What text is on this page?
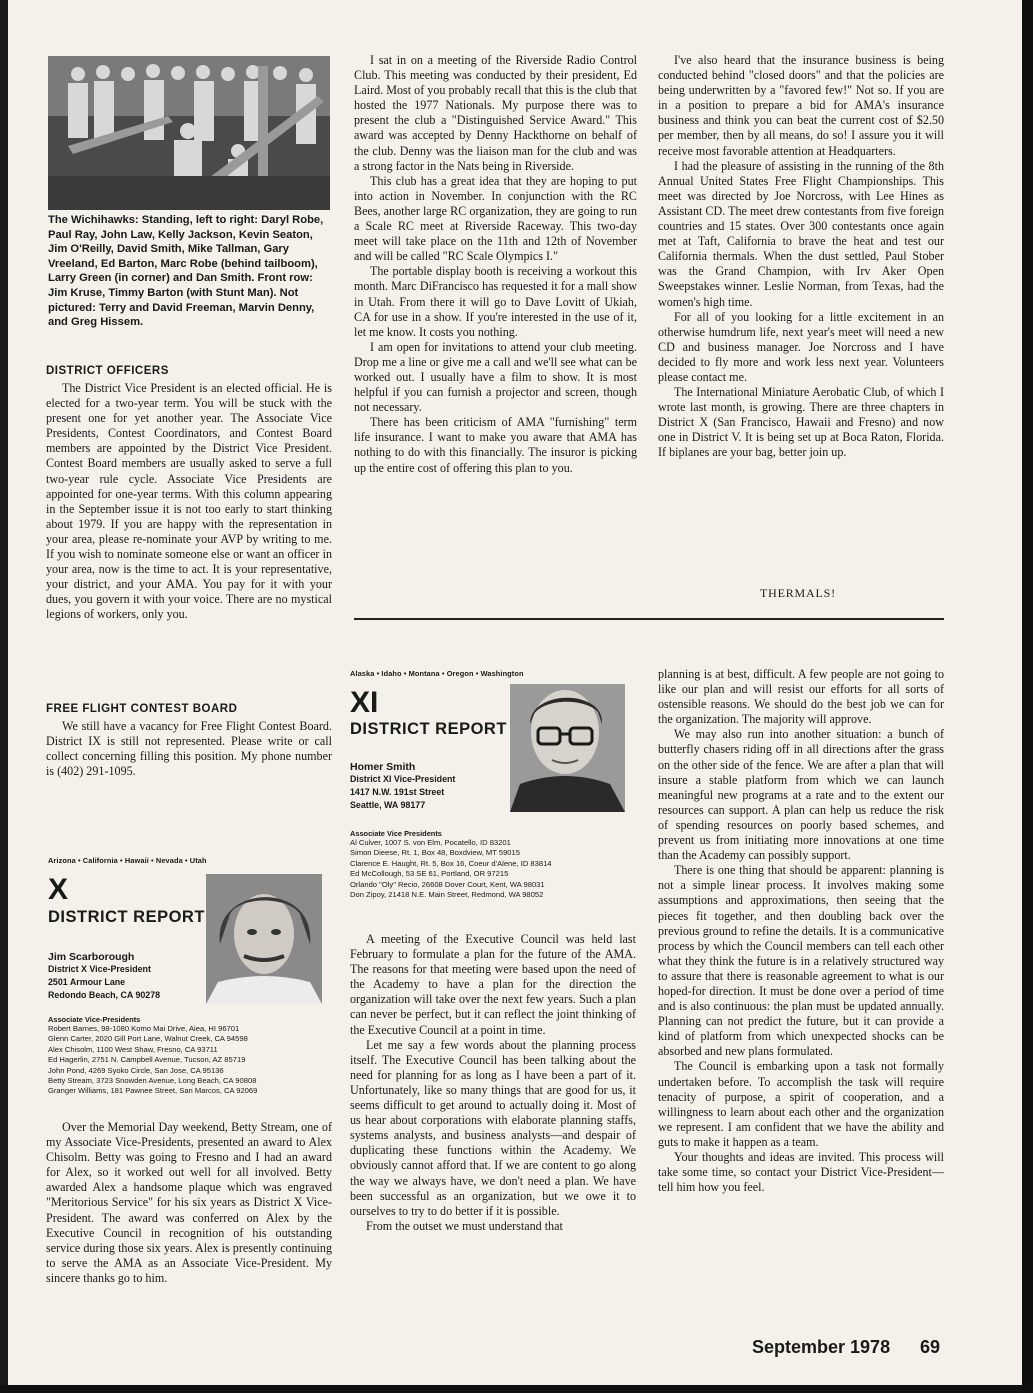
The Wichihawks: Standing, left to right: Daryl Robe, Paul Ray, John Law, Kelly Jackson, Kevin Seaton, Jim O'Reilly, David Smith, Mike Tallman, Gary Vreeland, Ed Barton, Marc Robe (behind tailboom), Larry Green (in corner) and Dan Smith. Front row: Jim Kruse, Timmy Barton (with Stunt Man). Not pictured: Terry and David Freeman, Marvin Denny, and Greg Hissem.

DISTRICT OFFICERS

The District Vice President is an elected official. He is elected for a two-year term. You will be stuck with the present one for yet another year. The Associate Vice Presidents, Contest Coordinators, and Contest Board members are appointed by the District Vice President. Contest Board members are usually asked to serve a full two-year rule cycle. Associate Vice Presidents are appointed for one-year terms. With this column appearing in the September issue it is not too early to start thinking about 1979. If you are happy with the representation in your area, please re-nominate your AVP by writing to me. If you wish to nominate someone else or want an officer in your area, now is the time to act. It is your representative, your district, and your AMA. You pay for it with your dues, you govern it with your voice. There are no mystical legions of workers, only you.

FREE FLIGHT CONTEST BOARD

We still have a vacancy for Free Flight Contest Board. District IX is still not represented. Please write or call collect concerning filling this position. My phone number is (402) 291-1095.

I sat in on a meeting of the Riverside Radio Control Club. This meeting was conducted by their president, Ed Laird. Most of you probably recall that this is the club that hosted the 1977 Nationals. My purpose there was to present the club a "Distinguished Service Award." This award was accepted by Denny Hackthorne on behalf of the club. Denny was the liaison man for the club and was a strong factor in the Nats being in Riverside.

This club has a great idea that they are hoping to put into action in November. In conjunction with the RC Bees, another large RC organization, they are going to run a Scale RC meet at Riverside Raceway. This two-day meet will take place on the 11th and 12th of November and will be called "RC Scale Olympics I."

The portable display booth is receiving a workout this month. Marc DiFrancisco has requested it for a mall show in Utah. From there it will go to Dave Lovitt of Ukiah, CA for use in a show. If you're interested in the use of it, let me know. It costs you nothing.

I am open for invitations to attend your club meeting. Drop me a line or give me a call and we'll see what can be worked out. I usually have a film to show. It is most helpful if you can furnish a projector and screen, though not necessary.

There has been criticism of AMA "furnishing" term life insurance. I want to make you aware that AMA has nothing to do with this financially. The insuror is picking up the entire cost of offering this plan to you.

I've also heard that the insurance business is being conducted behind "closed doors" and that the policies are being underwritten by a "favored few!" Not so. If you are in a position to prepare a bid for AMA's insurance business and think you can beat the current cost of $2.50 per member, then by all means, do so! I assure you it will receive most favorable attention at Headquarters.

I had the pleasure of assisting in the running of the 8th Annual United States Free Flight Championships. This meet was directed by Joe Norcross, with Lee Hines as Assistant CD. The meet drew contestants from five foreign countries and 15 states. Over 300 contestants once again met at Taft, California to brave the heat and test our California thermals. When the dust settled, Paul Stober was the Grand Champion, with Irv Aker Open Sweepstakes winner. Leslie Norman, from Texas, had the women's high time.

For all of you looking for a little excitement in an otherwise humdrum life, next year's meet will need a new CD and business manager. Joe Norcross and I have decided to fly more and work less next year. Volunteers please contact me.

The International Miniature Aerobatic Club, of which I wrote last month, is growing. There are three chapters in District X (San Francisco, Hawaii and Fresno) and now one in District V. It is being set up at Boca Raton, Florida. If biplanes are your bag, better join up.

THERMALS!
Alaska • Idaho • Montana • Oregon • Washington
XI
DISTRICT REPORT
Homer Smith
District XI Vice-President
1417 N.W. 191st Street
Seattle, WA 98177
Associate Vice Presidents
Al Culver, 1007 S. von Elm, Pocatello, ID 83201
Simon Dieese, Rt. 1, Box 48, Boxdview, MT 59015
Clarence E. Haught, Rt. 5, Box 16, Coeur d'Alene, ID 83814
Ed McCollough, 53 SE 61, Portland, OR 97215
Orlando "Oly" Recio, 26608 Dover Court, Kent, WA 98031
Don Zipoy, 21418 N.E. Main Street, Redmond, WA 98052

A meeting of the Executive Council was held last February to formulate a plan for the future of the AMA. The reasons for that meeting were based upon the need of the Academy to have a plan for the direction the organization will take over the next few years. Such a plan can never be perfect, but it can reflect the joint thinking of the Executive Council at a point in time.

Let me say a few words about the planning process itself. The Executive Council has been talking about the need for planning for as long as I have been a part of it. Unfortunately, like so many things that are good for us, it seems difficult to get around to actually doing it. Most of us hear about corporations with elaborate planning staffs, systems analysts, and business analysts—and despair of duplicating these functions within the Academy. We obviously cannot afford that. If we are content to go along the way we always have, we don't need a plan. We have been successful as an organization, but we owe it to ourselves to try to do better if it is possible.

From the outset we must understand that

planning is at best, difficult. A few people are not going to like our plan and will resist our efforts for all sorts of ostensible reasons. We should do the best job we can for the organization. The majority will approve.

We may also run into another situation: a bunch of butterfly chasers riding off in all directions after the grass on the other side of the fence. We are after a plan that will insure a stable platform from which we can launch meaningful new programs at a rate and to the extent our resources can support. A plan can help us reduce the risk of spending resources on poorly based schemes, and prevent us from initiating more innovations at one time than the Academy can possibly support.

There is one thing that should be apparent: planning is not a simple linear process. It involves making some assumptions and approximations, then seeing that the pieces fit together, and then doubling back over the previous ground to refine the details. It is a communicative process by which the Council members can tell each other what they think the future is in a relatively structured way to assure that there is reasonable agreement to what is our hoped-for direction. It must be done over a period of time and is also continuous: the plan must be updated annually. Planning can not predict the future, but it can provide a kind of platform from which unexpected shocks can be absorbed and new plans formulated.

The Council is embarking upon a task not formally undertaken before. To accomplish the task will require tenacity of purpose, a spirit of cooperation, and a willingness to learn about each other and the organization we represent. I am confident that we have the ability and guts to make it happen as a team.

Your thoughts and ideas are invited. This process will take some time, so contact your District Vice-President—tell him how you feel.

Arizona • California • Hawaii • Nevada • Utah
X
DISTRICT REPORT
Jim Scarborough
District X Vice-President
2501 Armour Lane
Redondo Beach, CA 90278
Associate Vice-Presidents
Robert Barnes, 98-1080 Komo Mai Drive, Aiea, HI 96701
Glenn Carter, 2020 Gill Port Lane, Walnut Creek, CA 94598
Alex Chisolm, 1100 West Shaw, Fresno, CA 93711
Ed Hagerlin, 2751 N. Campbell Avenue, Tucson, AZ 85719
John Pond, 4269 Syoko Circle, San Jose, CA 95136
Betty Stream, 3723 Snowden Avenue, Long Beach, CA 90808
Granger Williams, 181 Pawnee Street, San Marcos, CA 92069

Over the Memorial Day weekend, Betty Stream, one of my Associate Vice-Presidents, presented an award to Alex Chisolm. Betty was going to Fresno and I had an award for Alex, so it worked out well for all involved. Betty awarded Alex a handsome plaque which was engraved "Meritorious Service" for his six years as District X Vice-President. The award was conferred on Alex by the Executive Council in recognition of his outstanding service during those six years. Alex is presently continuing to serve the AMA as an Associate Vice-President. My sincere thanks go to him.

September 1978 69
